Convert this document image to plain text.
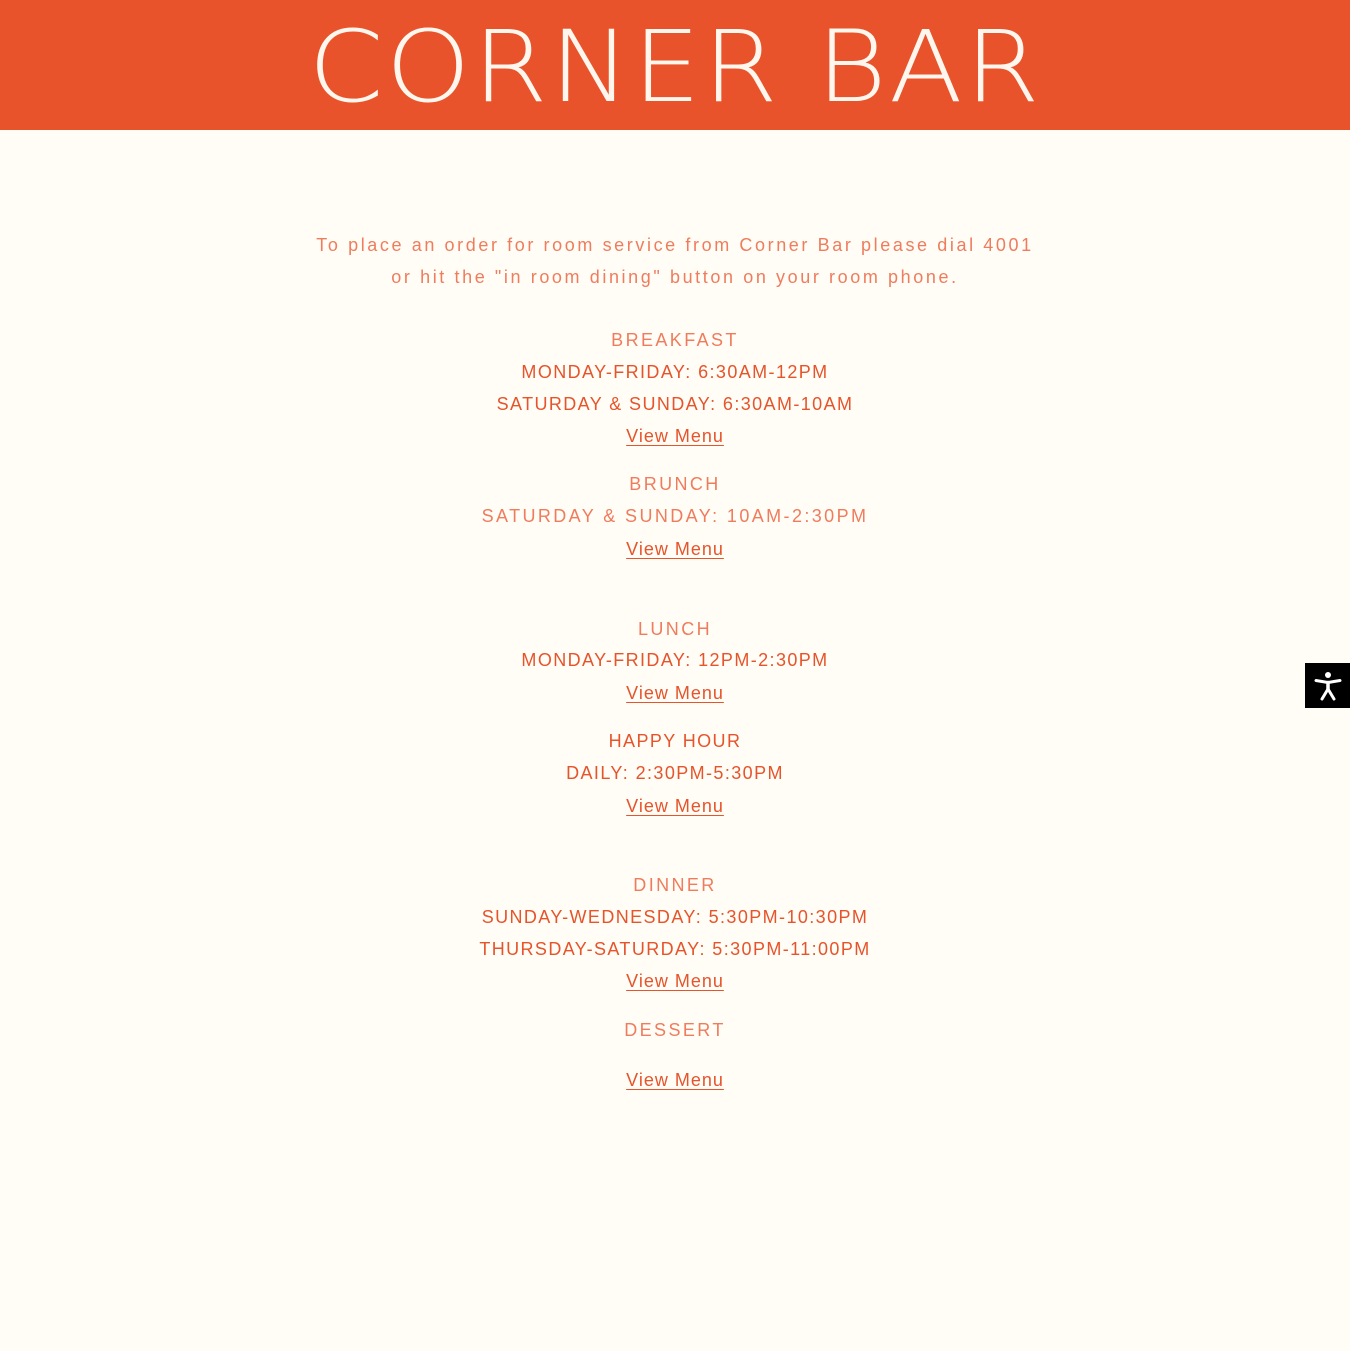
CORNER BAR
To place an order for room service from Corner Bar please dial 4001
or hit the "in room dining" button on your room phone.
BREAKFAST
MONDAY-FRIDAY: 6:30AM-12PM
SATURDAY & SUNDAY: 6:30AM-10AM
View Menu
BRUNCH
SATURDAY & SUNDAY: 10AM-2:30PM
View Menu
LUNCH
MONDAY-FRIDAY: 12PM-2:30PM
View Menu
HAPPY HOUR
DAILY: 2:30PM-5:30PM
View Menu
DINNER
SUNDAY-WEDNESDAY: 5:30PM-10:30PM
THURSDAY-SATURDAY: 5:30PM-11:00PM
View Menu
DESSERT
View Menu
